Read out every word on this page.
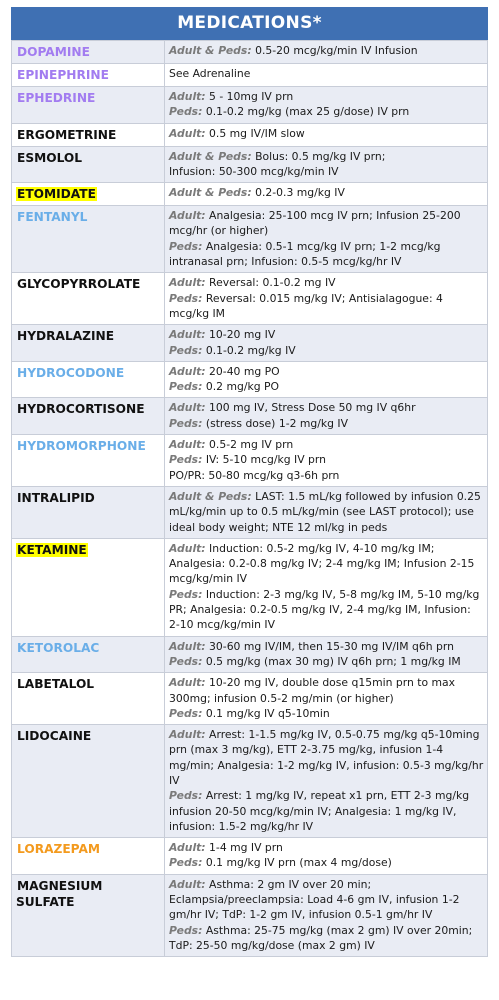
MEDICATIONS*
DOPAMINE	Adult & Peds: 0.5-20 mcg/kg/min IV Infusion

EPINEPHRINE	See Adrenaline

EPHEDRINE	Adult: 5 - 10mg IV prn
Peds: 0.1-0.2 mg/kg (max 25 g/dose) IV prn

ERGOMETRINE	Adult: 0.5 mg IV/IM slow

ESMOLOL	Adult & Peds: Bolus: 0.5 mg/kg IV prn;
Infusion: 50-300 mcg/kg/min IV

ETOMIDATE	Adult & Peds: 0.2-0.3 mg/kg IV

FENTANYL	Adult: Analgesia: 25-100 mcg IV prn; Infusion 25-200 mcg/hr (or higher)
Peds: Analgesia: 0.5-1 mcg/kg IV prn; 1-2 mcg/kg intranasal prn; Infusion: 0.5-5 mcg/kg/hr IV

GLYCOPYRROLATE	Adult: Reversal: 0.1-0.2 mg IV
Peds: Reversal: 0.015 mg/kg IV; Antisialagogue: 4 mcg/kg IM

HYDRALAZINE	Adult: 10-20 mg IV
Peds: 0.1-0.2 mg/kg IV

HYDROCODONE	Adult: 20-40 mg PO
Peds: 0.2 mg/kg PO

HYDROCORTISONE	Adult: 100 mg IV, Stress Dose 50 mg IV q6hr
Peds: (stress dose) 1-2 mg/kg IV

HYDROMORPHONE	Adult: 0.5-2 mg IV prn
Peds: IV: 5-10 mcg/kg IV prn
PO/PR: 50-80 mcg/kg q3-6h prn

INTRALIPID	Adult & Peds: LAST: 1.5 mL/kg followed by infusion 0.25 mL/kg/min up to 0.5 mL/kg/min (see LAST protocol); use ideal body weight; NTE 12 ml/kg in peds

KETAMINE	Adult: Induction: 0.5-2 mg/kg IV, 4-10 mg/kg IM; Analgesia: 0.2-0.8 mg/kg IV; 2-4 mg/kg IM; Infusion 2-15 mcg/kg/min IV
Peds: Induction: 2-3 mg/kg IV, 5-8 mg/kg IM, 5-10 mg/kg PR; Analgesia: 0.2-0.5 mg/kg IV, 2-4 mg/kg IM, Infusion: 2-10 mcg/kg/min IV

KETOROLAC	Adult: 30-60 mg IV/IM, then 15-30 mg IV/IM q6h prn
Peds: 0.5 mg/kg (max 30 mg) IV q6h prn; 1 mg/kg IM

LABETALOL	Adult: 10-20 mg IV, double dose q15min prn to max 300mg; infusion 0.5-2 mg/min (or higher)
Peds: 0.1 mg/kg IV q5-10min

LIDOCAINE	Adult: Arrest: 1-1.5 mg/kg IV, 0.5-0.75 mg/kg q5-10ming prn (max 3 mg/kg), ETT 2-3.75 mg/kg, infusion 1-4 mg/min; Analgesia: 1-2 mg/kg IV, infusion: 0.5-3 mg/kg/hr IV
Peds: Arrest: 1 mg/kg IV, repeat x1 prn, ETT 2-3 mg/kg infusion 20-50 mcg/kg/min IV; Analgesia: 1 mg/kg IV, infusion: 1.5-2 mg/kg/hr IV

LORAZEPAM	Adult: 1-4 mg IV prn
Peds: 0.1 mg/kg IV prn (max 4 mg/dose)

MAGNESIUM SULFATE	Adult: Asthma: 2 gm IV over 20 min; Eclampsia/preeclampsia: Load 4-6 gm IV, infusion 1-2 gm/hr IV; TdP: 1-2 gm IV, infusion 0.5-1 gm/hr IV
Peds: Asthma: 25-75 mg/kg (max 2 gm) IV over 20min; TdP: 25-50 mg/kg/dose (max 2 gm) IV
